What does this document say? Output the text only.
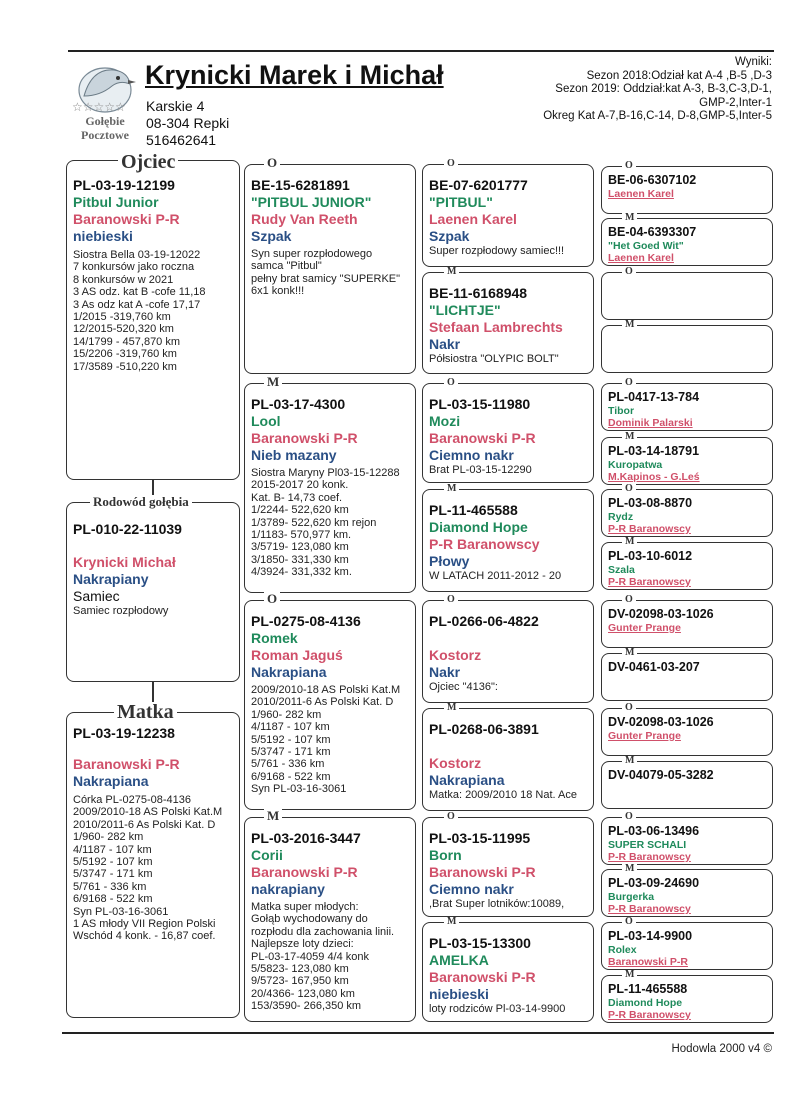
☆☆☆☆☆
Gołębie
Pocztowe
Krynicki Marek i Michał
Karskie 4
08-304 Repki
516462641
Wyniki:
Sezon 2018:Odział kat A-4 ,B-5 ,D-3
Sezon 2019: Oddział:kat A-3, B-3,C-3,D-1,
GMP-2,Inter-1
Okreg Kat A-7,B-16,C-14, D-8,GMP-5,Inter-5
PL-03-19-12199
Pitbul Junior
Baranowski P-R
niebieski
Siostra Bella 03-19-12022
7 konkursów jako roczna
8 konkursów w 2021
3 AS odz. kat B -cofe 11,18
3 As odz kat A -cofe 17,17
1/2015 -319,760 km
12/2015-520,320 km
14/1799 - 457,870 km
15/2206 -319,760 km
17/3589 -510,220 km
Ojciec
PL-010-22-11039
Krynicki Michał
Nakrapiany
Samiec
Samiec rozpłodowy
Rodowód gołębia
PL-03-19-12238
Baranowski P-R
Nakrapiana
Córka PL-0275-08-4136
2009/2010-18 AS Polski Kat.M
2010/2011-6 As Polski Kat. D
1/960- 282 km
4/1187 - 107 km
5/5192 - 107 km
5/3747 - 171 km
5/761 - 336 km
6/9168 - 522 km
Syn PL-03-16-3061
1 AS młody VII Region Polski
Wschód 4 konk. - 16,87 coef.
Matka
BE-15-6281891
"PITBUL JUNIOR"
Rudy Van Reeth
Szpak
Syn super rozpłodowego
samca "Pitbul"
pełny brat samicy "SUPERKE"
6x1 konk!!!
O
PL-03-17-4300
Lool
Baranowski P-R
Nieb mazany
Siostra Maryny Pl03-15-12288
2015-2017 20 konk.
Kat. B- 14,73 coef.
1/2244- 522,620 km
1/3789- 522,620 km rejon
1/1183- 570,977 km.
3/5719- 123,080 km
3/1850- 331,330 km
4/3924- 331,332 km.
M
PL-0275-08-4136
Romek
Roman Jaguś
Nakrapiana
2009/2010-18 AS Polski Kat.M
2010/2011-6 As Polski Kat. D
1/960- 282 km
4/1187 - 107 km
5/5192 - 107 km
5/3747 - 171 km
5/761 - 336 km
6/9168 - 522 km
Syn PL-03-16-3061
O
PL-03-2016-3447
Corii
Baranowski P-R
nakrapiany
Matka super młodych:
Gołąb wychodowany do
rozpłodu dla zachowania linii.
Najlepsze loty dzieci:
PL-03-17-4059 4/4 konk
5/5823- 123,080 km
9/5723- 167,950 km
20/4366- 123,080 km
153/3590- 266,350 km
M
BE-07-6201777
"PITBUL"
Laenen Karel
Szpak
Super rozpłodowy samiec!!!
O
BE-11-6168948
"LICHTJE"
Stefaan Lambrechts
Nakr
Półsiostra "OLYPIC BOLT"
M
PL-03-15-11980
Mozi
Baranowski P-R
Ciemno nakr
Brat PL-03-15-12290
O
PL-11-465588
Diamond Hope
P-R Baranowscy
Płowy
W LATACH 2011-2012 - 20
M
PL-0266-06-4822
Kostorz
Nakr
Ojciec "4136":
O
PL-0268-06-3891
Kostorz
Nakrapiana
Matka: 2009/2010 18 Nat. Ace
M
PL-03-15-11995
Born
Baranowski P-R
Ciemno nakr
,Brat Super lotników:10089,
O
PL-03-15-13300
AMELKA
Baranowski P-R
niebieski
loty rodziców Pl-03-14-9900
M
BE-06-6307102
Laenen Karel
O
BE-04-6393307
"Het Goed Wit"
Laenen Karel
M
O
M
PL-0417-13-784
Tibor
Dominik Palarski
O
PL-03-14-18791
Kuropatwa
M.Kapinos - G.Leś
M
PL-03-08-8870
Rydz
P-R Baranowscy
O
PL-03-10-6012
Szala
P-R Baranowscy
M
DV-02098-03-1026
Gunter Prange
O
DV-0461-03-207
M
DV-02098-03-1026
Gunter Prange
O
DV-04079-05-3282
M
PL-03-06-13496
SUPER SCHALI
P-R Baranowscy
O
PL-03-09-24690
Burgerka
P-R Baranowscy
M
PL-03-14-9900
Rolex
Baranowski P-R
O
PL-11-465588
Diamond Hope
P-R Baranowscy
M
Hodowla 2000 v4 ©
